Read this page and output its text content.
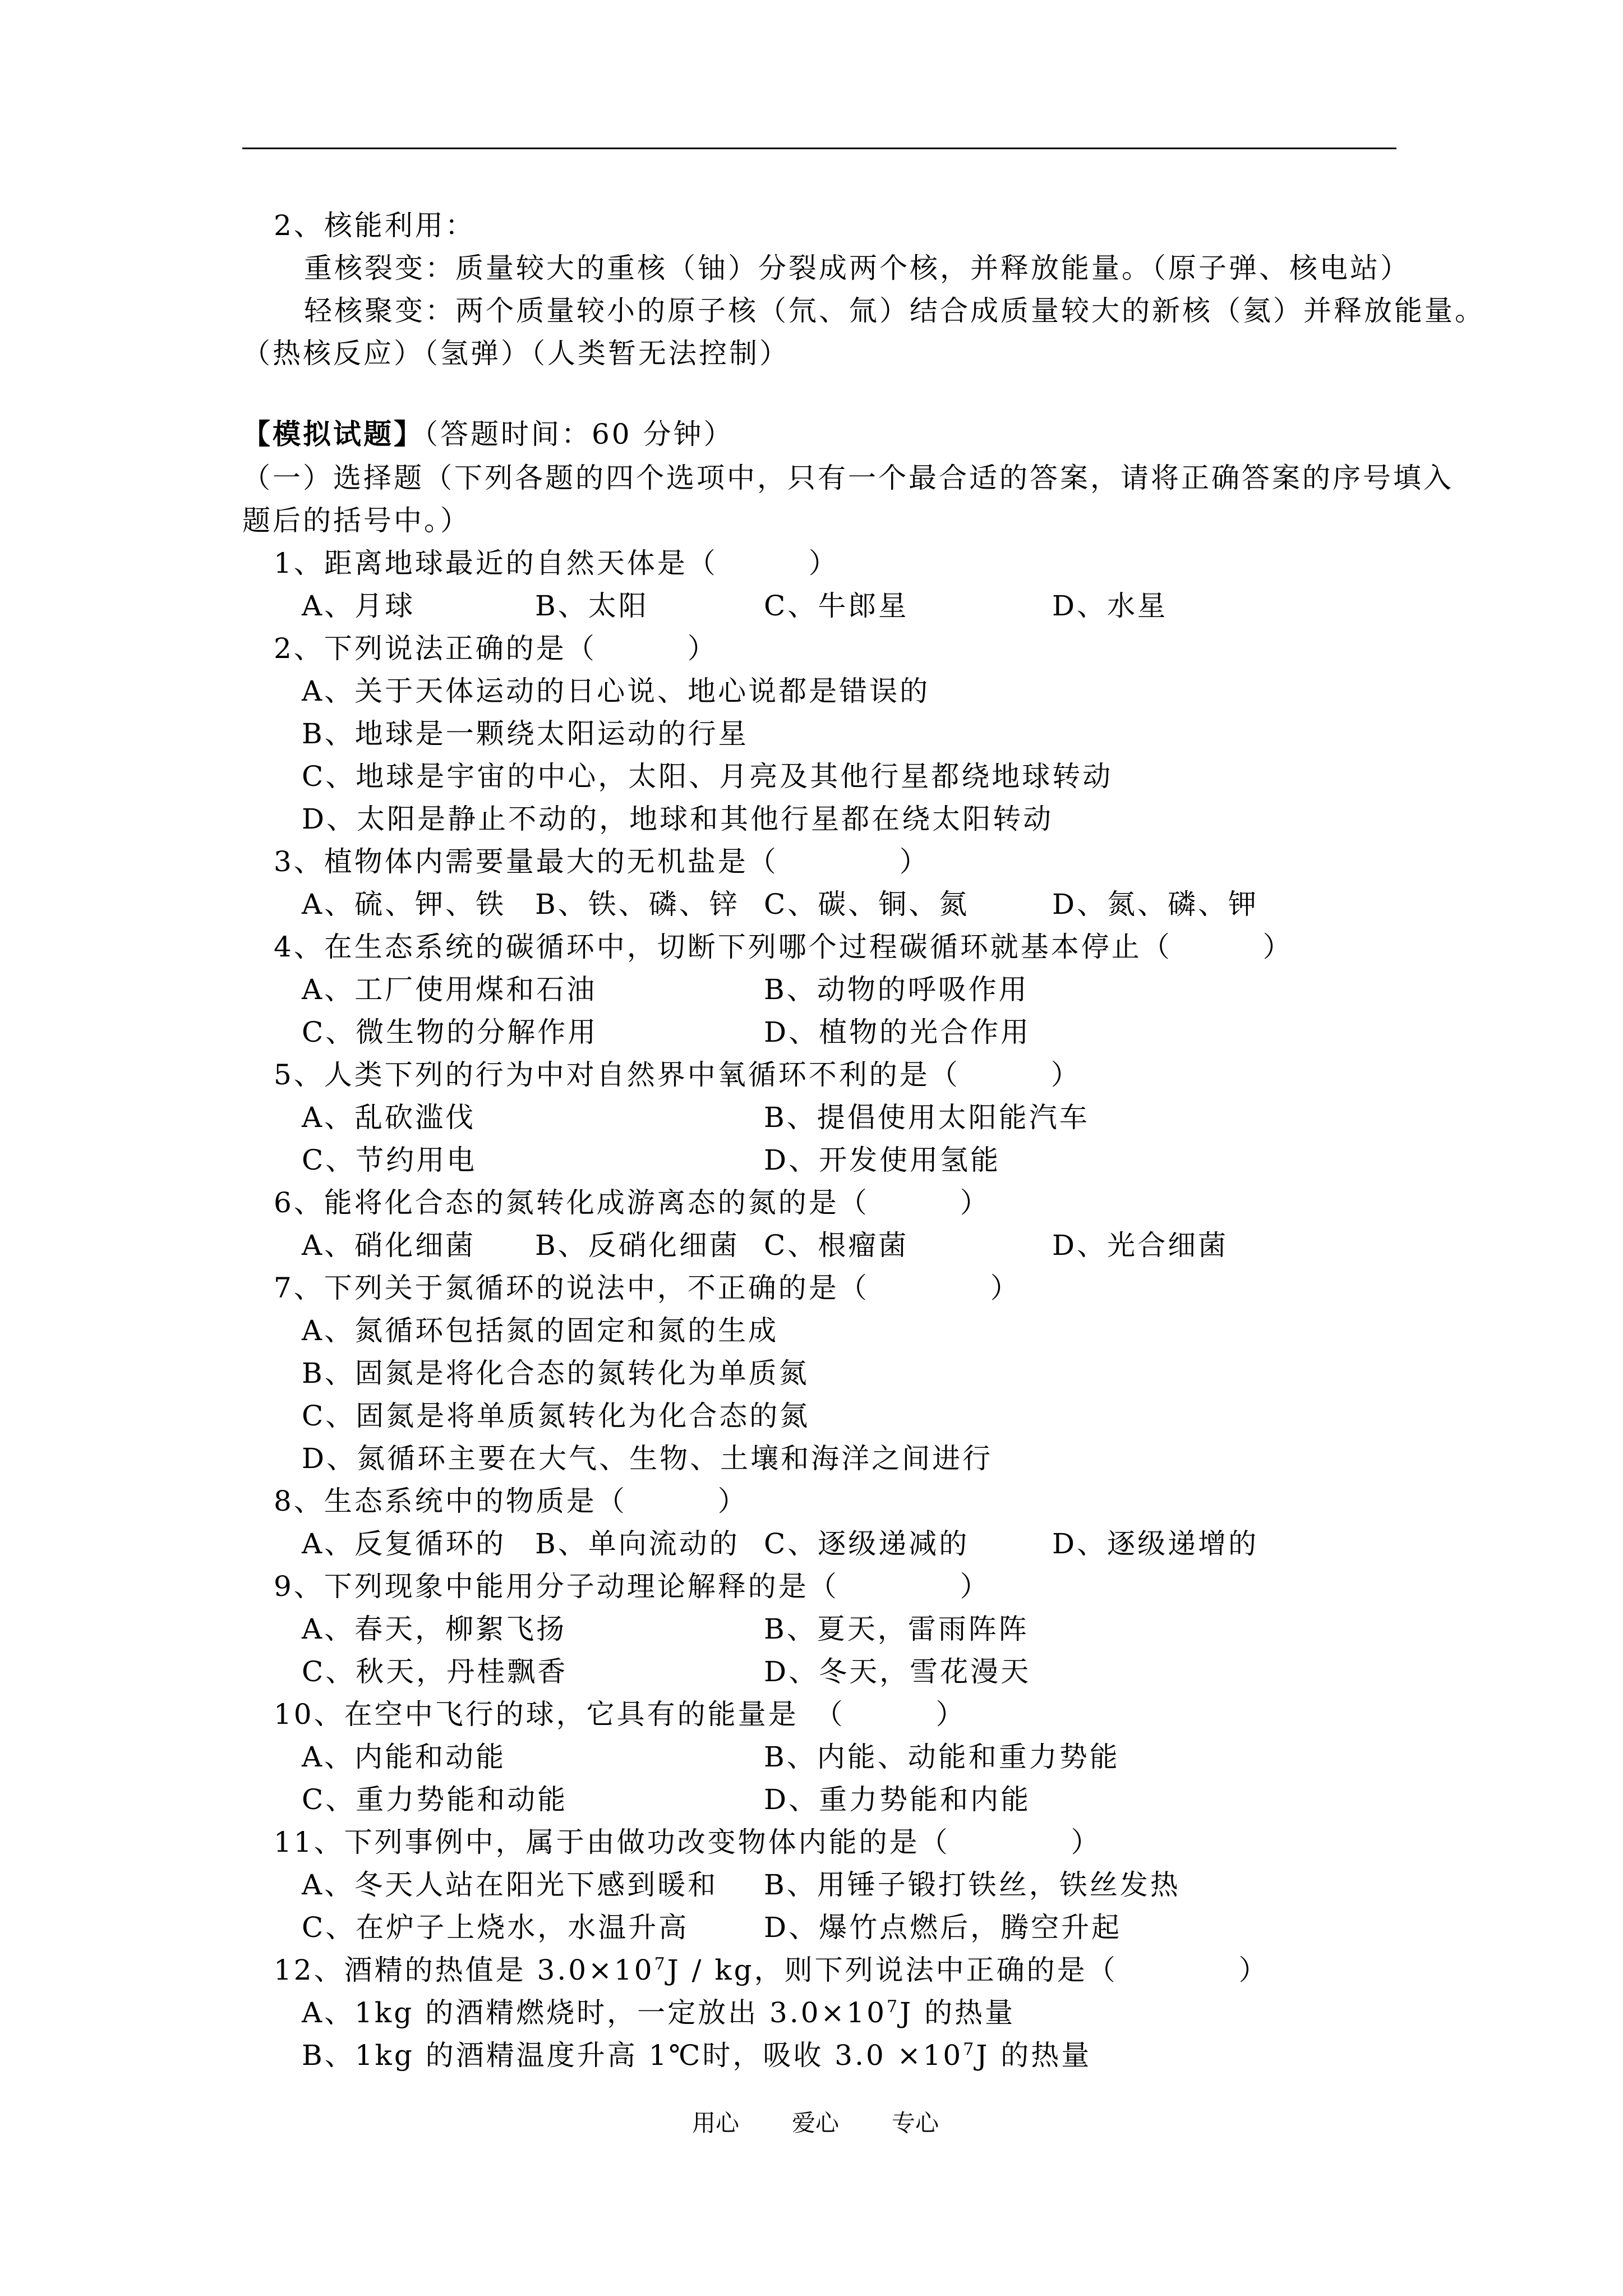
2、核能利用：
重核裂变：质量较大的重核（铀）分裂成两个核，并释放能量。（原子弹、核电站）
轻核聚变：两个质量较小的原子核（氘、氚）结合成质量较大的新核（氦）并释放能量。
（热核反应）（氢弹）（人类暂无法控制）
【模拟试题】（答题时间：60 分钟）
（一）选择题（下列各题的四个选项中，只有一个最合适的答案，请将正确答案的序号填入
题后的括号中。）
1、距离地球最近的自然天体是（　　　）
A、月球	B、太阳	C、牛郎星	D、水星
2、下列说法正确的是（　　　）
A、关于天体运动的日心说、地心说都是错误的
B、地球是一颗绕太阳运动的行星
C、地球是宇宙的中心，太阳、月亮及其他行星都绕地球转动
D、太阳是静止不动的，地球和其他行星都在绕太阳转动
3、植物体内需要量最大的无机盐是（　　　　）
A、硫、钾、铁 B、铁、磷、锌 C、碳、铜、氮	D、氮、磷、钾
4、在生态系统的碳循环中，切断下列哪个过程碳循环就基本停止（　　　）
A、工厂使用煤和石油	B、动物的呼吸作用
C、微生物的分解作用	D、植物的光合作用
5、人类下列的行为中对自然界中氧循环不利的是（　　　）
A、乱砍滥伐	B、提倡使用太阳能汽车
C、节约用电	D、开发使用氢能
6、能将化合态的氮转化成游离态的氮的是（　　　）
A、硝化细菌 B、反硝化细菌 C、根瘤菌	D、光合细菌
7、下列关于氮循环的说法中，不正确的是（　　　　）
A、氮循环包括氮的固定和氮的生成
B、固氮是将化合态的氮转化为单质氮
C、固氮是将单质氮转化为化合态的氮
D、氮循环主要在大气、生物、土壤和海洋之间进行
8、生态系统中的物质是（　　　）
A、反复循环的 B、单向流动的 C、逐级递减的	D、逐级递增的
9、下列现象中能用分子动理论解释的是（　　　　）
A、春天，柳絮飞扬	B、夏天，雷雨阵阵
C、秋天，丹桂飘香	D、冬天，雪花漫天
10、在空中飞行的球，它具有的能量是　（　　　）
A、内能和动能	B、内能、动能和重力势能
C、重力势能和动能	D、重力势能和内能
11、下列事例中，属于由做功改变物体内能的是（　　　　）
A、冬天人站在阳光下感到暖和 B、用锤子锻打铁丝，铁丝发热
C、在炉子上烧水，水温升高	D、爆竹点燃后，腾空升起
12、酒精的热值是 $3.0\times 10^7J$ / kg，则下列说法中正确的是（　　　　）
A、1kg 的酒精燃烧时，一定放出 $3.0\times 10^7J$ 的热量
B、1kg 的酒精温度升高 1℃时，吸收 $3.0 \times 10^7J$ 的热量
用心 爱心 专心
